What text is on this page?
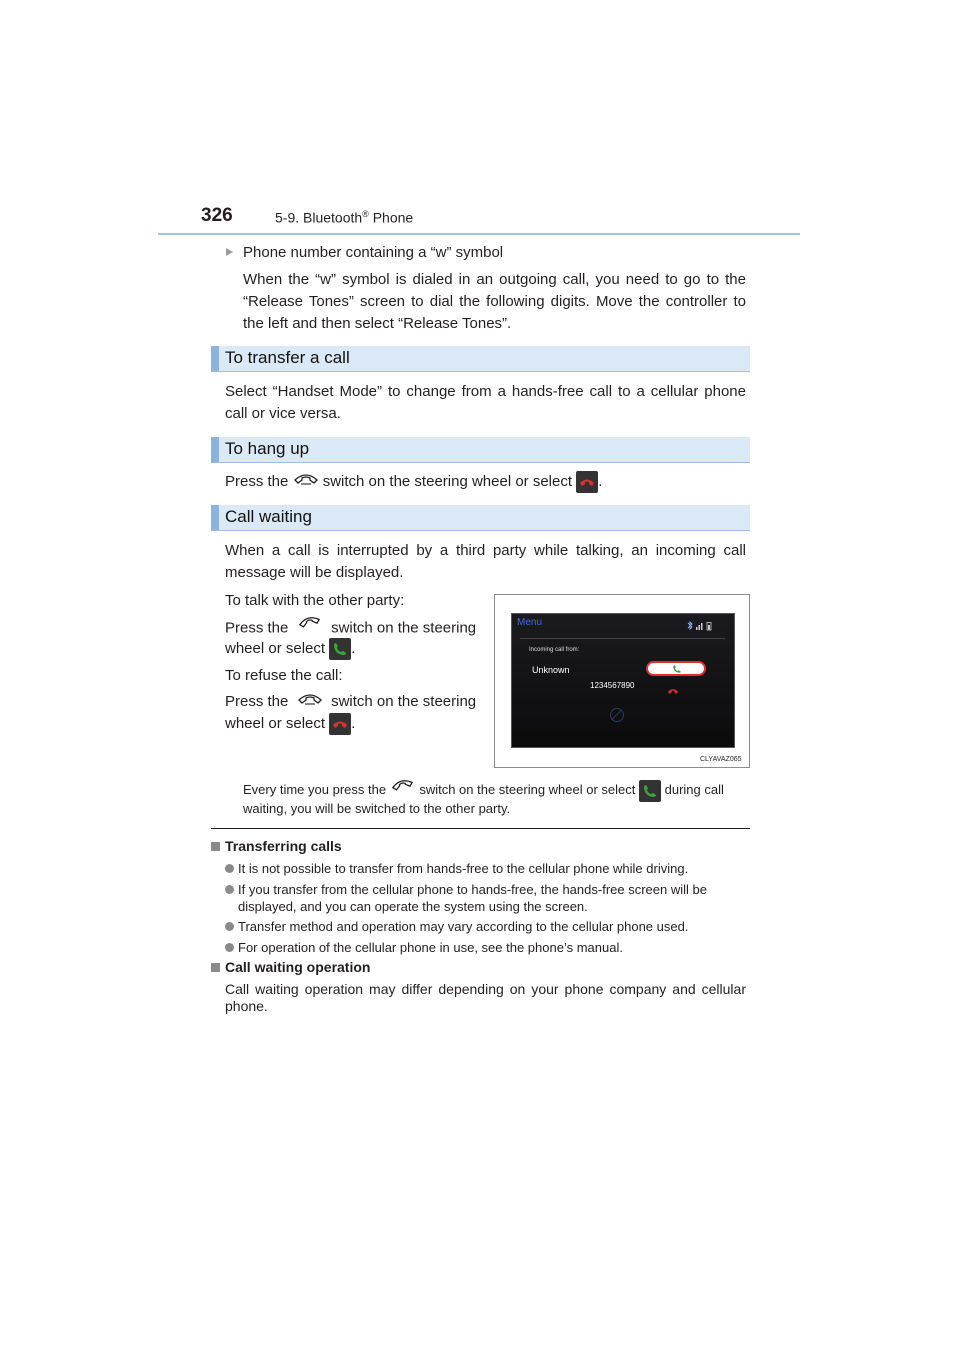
326	5-9. Bluetooth® Phone
Phone number containing a “w” symbol
When the “w” symbol is dialed in an outgoing call, you need to go to the “Release Tones” screen to dial the following digits. Move the controller to the left and then select “Release Tones”.
To transfer a call
Select “Handset Mode” to change from a hands-free call to a cellular phone call or vice versa.
To hang up
Press the switch on the steering wheel or select .
Call waiting
When a call is interrupted by a third party while talking, an incoming call message will be displayed.
To talk with the other party:
Press the	switch on the steering
wheel or select .
To refuse the call:
Press the	switch on the steering
wheel or select .
Menu
Incoming call from:
Unknown
1234567890
CLYAVAZ065
Every time you press the	switch on the steering wheel or select during call
waiting, you will be switched to the other party.
Transferring calls
It is not possible to transfer from hands-free to the cellular phone while driving.
If you transfer from the cellular phone to hands-free, the hands-free screen will be displayed, and you can operate the system using the screen.
Transfer method and operation may vary according to the cellular phone used.
For operation of the cellular phone in use, see the phone’s manual.
Call waiting operation
Call waiting operation may differ depending on your phone company and cellular phone.
